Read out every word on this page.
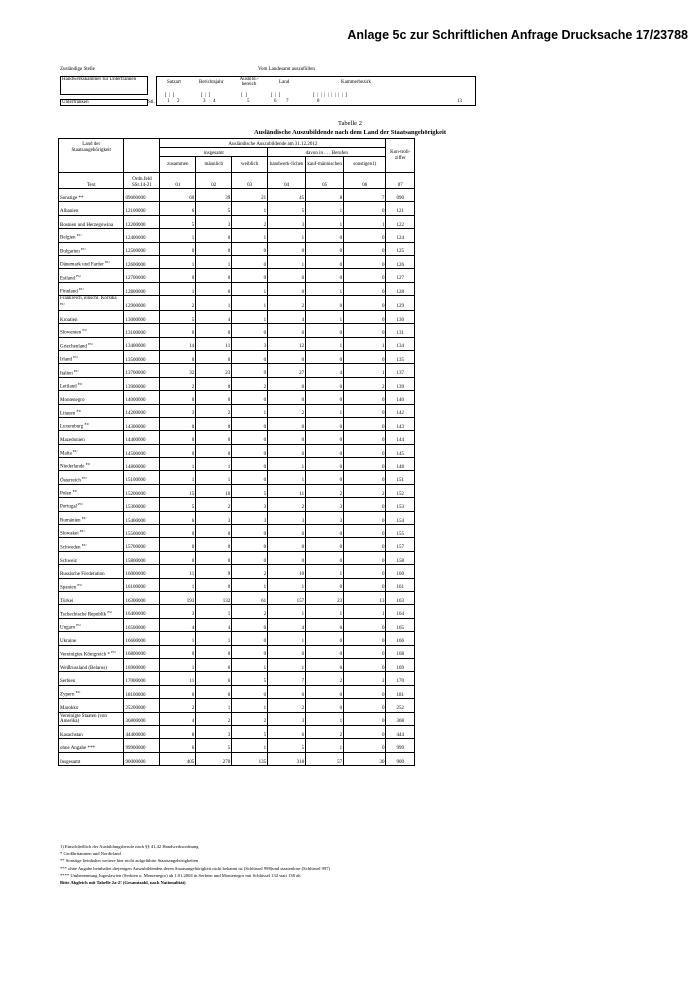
Anlage 5c zur Schriftlichen Anfrage Drucksache 17/23788
Zuständige Stelle
Handwerkskammer für Unterfranken
Unterfranken	Stl.
Vom Landesamt auszufüllen
Satzart	Berichtsjahr
Ausbild.-bereich	Land	Kammerbezirk
[  |  ]	[  |  ]	[  ]	[  |  ]	[  |  |  |  |  |  |  |  |  ]
1 2	3 4	5	6 7	8	13
Tabelle 2
Ausländische Auszubildende nach dem Land der Staatsangehörigkeit
Land der
Staatsangehörigkeit		Ausländische Auszubildende am 31.12.2012						Kon-troll-ziffer
		insgesamt			davon in . . . Berufen			
		zusammen	männlich	weiblich	handwerk-lichen	kauf-männischen	sonstigen1)	
Text	Ordn.feld
SSt.14-21	01	02	03	04	05	06	07
Sonstige **	09000000	60	39	21	45	8	7	090
Albanien	12100000	6	5	1	5	1	0	121
Bosnien und Herzegowina	12200000	5	3	2	3	1	1	122
Belgien $^{EU}$	12400000	1	0	1	1	0	0	124
Bulgarien $^{EU}$	12500000	0	0	0	0	0	0	125
Dänemark und Faröer $^{EU}$	12600000	1	1	0	1	0	0	126
Estland $^{EU}$	12700000	0	0	0	0	0	0	127
Finnland $^{EU}$	12800000	1	0	1	0	1	0	128
Frankreich, einschl. Korsika $^{EU}$	12900000	2	1	1	2	0	0	129
Kroatien	13000000	5	4	1	4	1	0	130
Slowenien $^{EU}$	13100000	0	0	0	0	0	0	131
Griechenland $^{EU}$	13400000	14	11	3	12	1	1	134
Irland $^{EU}$	13500000	0	0	0	0	0	0	135
Italien $^{EU}$	13700000	32	23	9	27	4	1	137
Lettland $^{EU}$	13900000	2	0	2	0	0	2	139
Montenegro	14000000	0	0	0	0	0	0	140
Litauen $^{EU}$	14200000	3	2	1	2	1	0	142
Luxemburg $^{EU}$	14300000	0	0	0	0	0	0	143
Mazedonien	14400000	0	0	0	0	0	0	144
Malta $^{EU}$	14500000	0	0	0	0	0	0	145
Niederlande $^{EU}$	14800000	1	1	0	1	0	0	148
Österreich $^{EU}$	15100000	1	1	0	1	0	0	151
Polen $^{EU}$	15200000	15	10	5	11	2	2	152
Portugal $^{EU}$	15300000	5	2	3	2	3	0	153
Rumänien $^{EU}$	15400000	6	3	3	3	3	0	154
Slowakei $^{EU}$	15500000	0	0	0	0	0	0	155
Schweden $^{EU}$	15700000	0	0	0	0	0	0	157
Schweiz	15800000	0	0	0	0	0	0	158
Russische Förderation	16000000	11	9	2	10	1	0	160
Spanien $^{EU}$	16100000	1	0	1	1	0	0	161
Türkei	16300000	193	132	61	157	23	13	163
Tschechische Republik $^{EU}$	16400000	3	1	2	1	1	1	164
Ungarn $^{EU}$	16500000	4	4	0	4	0	0	165
Ukraine	16600000	1	1	0	1	0	0	166
Vereinigtes Königreich * $^{EU}$	16800000	0	0	0	0	0	0	168
Weißrussland (Belarus)	16900000	1	0	1	1	0	0	169
Serbien	17000000	11	6	5	7	2	2	170
Zypern $^{EU}$	18100000	0	0	0	0	0	0	181
Marokko	25200000	2	1	1	2	0	0	252
Vereinigte Staaten (von Amerika)	36800000	4	2	2	3	1	0	368
Kasachstan	44400000	8	3	5	6	2	0	444
ohne Angabe ***	99900000	6	5	1	5	1	0	999
Insgesamt	90000000	405	270	135	318	57	30	900
1) Einschließlich der Ausbildungsberufe nach §§ 41,42 Handwerksordnung
* Großbritannien und Nordirland
** Sonstige beinhaltet weitere hier nicht aufgeführte Staatsangehörigkeiten
*** ohne Angabe beinhaltet diejenigen Auszubildenden deren Staatsangehörigkeit nicht bekannt ist (Schlüssel 998)und staatenlose (Schlüssel 997)
**** Umbenennung Jugoslawien (Serbien u. Montenegro) ab 1.01.2004 in Serbien und Montenegro mit Schlüssel 132 statt 138 alt
Bitte Abgleich mit Tabelle 2a-2! (Gesamtzahl, nach Nationalität)
